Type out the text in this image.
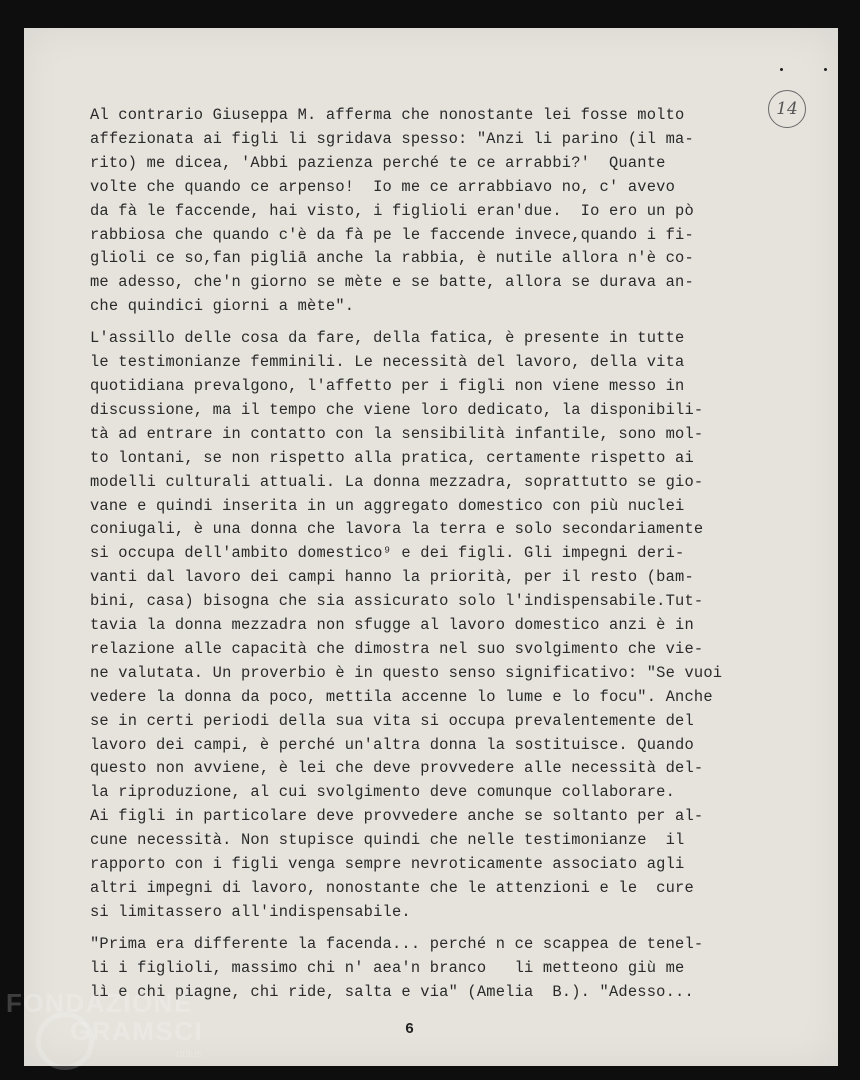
14
Al contrario Giuseppa M. afferma che nonostante lei fosse molto
affezionata ai figli li sgridava spesso: "Anzi li parino (il ma-
rito) me dicea, 'Abbi pazienza perché te ce arrabbi?'  Quante
volte che quando ce arpenso!  Io me ce arrabbiavo no, c' avevo
da fà le faccende, hai visto, i figlioli eran'due.  Io ero un pò
rabbiosa che quando c'è da fà pe le faccende invece,quando i fi-
glioli ce so,fan pigliā anche la rabbia, è nutile allora n'è co-
me adesso, che'n giorno se mète e se batte, allora se durava an-
che quindici giorni a mète".
L'assillo delle cosa da fare, della fatica, è presente in tutte
le testimonianze femminili. Le necessità del lavoro, della vita
quotidiana prevalgono, l'affetto per i figli non viene messo in
discussione, ma il tempo che viene loro dedicato, la disponibili-
tà ad entrare in contatto con la sensibilità infantile, sono mol-
to lontani, se non rispetto alla pratica, certamente rispetto ai
modelli culturali attuali. La donna mezzadra, soprattutto se gio-
vane e quindi inserita in un aggregato domestico con più nuclei
coniugali, è una donna che lavora la terra e solo secondariamente
si occupa dell'ambito domestico⁹ e dei figli. Gli impegni deri-
vanti dal lavoro dei campi hanno la priorità, per il resto (bam-
bini, casa) bisogna che sia assicurato solo l'indispensabile.Tut-
tavia la donna mezzadra non sfugge al lavoro domestico anzi è in
relazione alle capacità che dimostra nel suo svolgimento che vie-
ne valutata. Un proverbio è in questo senso significativo: "Se vuoi
vedere la donna da poco, mettila accenne lo lume e lo focu". Anche
se in certi periodi della sua vita si occupa prevalentemente del
lavoro dei campi, è perché un'altra donna la sostituisce. Quando
questo non avviene, è lei che deve provvedere alle necessità del-
la riproduzione, al cui svolgimento deve comunque collaborare.
Ai figli in particolare deve provvedere anche se soltanto per al-
cune necessità. Non stupisce quindi che nelle testimonianze  il
rapporto con i figli venga sempre nevroticamente associato agli
altri impegni di lavoro, nonostante che le attenzioni e le  cure
si limitassero all'indispensabile.
"Prima era differente la facenda... perché n ce scappea de tenel-
li i figlioli, massimo chi n' aea'n branco   li metteono giù me
lì e chi piagne, chi ride, salta e via" (Amelia  B.). "Adesso...
6
FONDAZIONE
GRAMSCI
onlus
